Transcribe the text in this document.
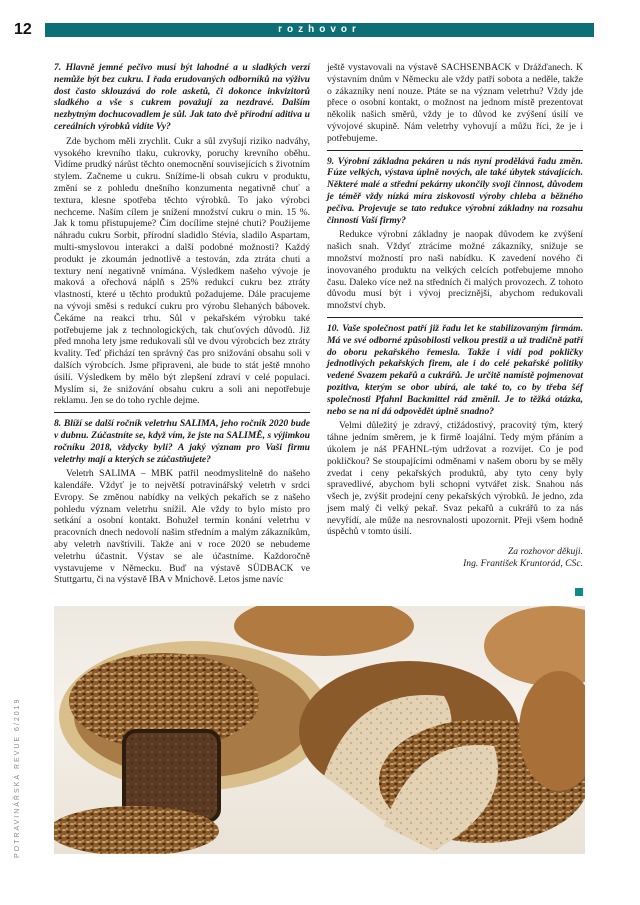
12	rozhovor
POTRAVINÁŘSKÁ REVUE 6/2019

7. Hlavně jemné pečivo musí být lahodné a u sladkých verzí nemůže být bez cukru. I řada erudovaných odborníků na výživu dost často sklouzává do role asketů, či dokonce inkvizitorů sladkého a vše s cukrem považují za nezdravé. Dalším nezbytným dochucovadlem je sůl. Jak tato dvě přírodní aditiva u cereálních výrobků vidíte Vy?

Zde bychom měli zrychlit. Cukr a sůl zvyšují riziko nadváhy, vysokého krevního tlaku, cukrovky, poruchy krevního oběhu. Vidíme prudký nárůst těchto onemocnění souvisejících s životním stylem. Začneme u cukru. Snížíme-li obsah cukru v produktu, změní se z pohledu dnešního konzumenta negativně chuť a textura, klesne spotřeba těchto výrobků. To jako výrobci nechceme. Naším cílem je snížení množství cukru o min. 15 %. Jak k tomu přistupujeme? Čím docílíme stejné chuti? Použijeme náhradu cukru Sorbit, přírodní sladidlo Stévia, sladilo Aspartam, multi-smyslovou interakci a další podobné možnosti? Každý produkt je zkoumán jednotlivě a testován, zda ztráta chuti a textury není negativně vnímána. Výsledkem našeho vývoje je maková a ořechová náplň s 25% redukcí cukru bez ztráty vlastností, které u těchto produktů požadujeme. Dále pracujeme na vývoji směsi s redukcí cukru pro výrobu šlehaných bábovek. Čekáme na reakci trhu. Sůl v pekařském výrobku také potřebujeme jak z technologických, tak chuťových důvodů. Již před mnoha lety jsme redukovali sůl ve dvou výrobcích bez ztráty kvality. Teď přichází ten správný čas pro snižování obsahu soli v dalších výrobcích. Jsme připraveni, ale bude to stát ještě mnoho úsilí. Výsledkem by mělo být zlepšení zdraví v celé populaci. Myslím si, že snižování obsahu cukru a soli ani nepotřebuje reklamu. Jen se do toho rychle dejme.

8. Blíží se další ročník veletrhu SALIMA, jeho ročník 2020 bude v dubnu. Zúčastníte se, když vím, že jste na SALIMĚ, s výjimkou ročníku 2018, vždycky byli? A jaký význam pro Vaši firmu veletrhy mají a kterých se zúčastňujete?

Veletrh SALIMA – MBK patřil neodmyslitelně do našeho kalendáře. Vždyť je to největší potravinářský veletrh v srdci Evropy. Se změnou nabídky na velkých pekařích se z našeho pohledu význam veletrhu snížil. Ale vždy to bylo místo pro setkání a osobní kontakt. Bohužel termín konání veletrhu v pracovních dnech nedovolí našim středním a malým zákazníkům, aby veletrh navštívili. Takže ani v roce 2020 se nebudeme veletrhu účastnit. Výstav se ale účastníme. Každoročně vystavujeme v Německu. Buď na výstavě SÜDBACK ve Stuttgartu, či na výstavě IBA v Mnichově. Letos jsme navíc

ještě vystavovali na výstavě SACHSENBACK v Drážďanech. K výstavním dnům v Německu ale vždy patří sobota a neděle, takže o zákazníky není nouze. Ptáte se na význam veletrhu? Vždy jde přece o osobní kontakt, o možnost na jednom místě prezentovat několik našich směrů, vždy je to důvod ke zvýšení úsilí ve vývojové skupině. Nám veletrhy vyhovují a můžu říci, že je i potřebujeme.

9. Výrobní základna pekáren u nás nyní prodělává řadu změn. Fúze velkých, výstava úplně nových, ale také úbytek stávajících. Některé malé a střední pekárny ukončily svoji činnost, důvodem je téměř vždy nízká míra ziskovosti výroby chleba a běžného pečiva. Projevuje se tato redukce výrobní základny na rozsahu činností Vaší firmy?

Redukce výrobní základny je naopak důvodem ke zvýšení našich snah. Vždyť ztrácíme možné zákazníky, snižuje se množství možností pro naši nabídku. K zavedení nového či inovovaného produktu na velkých celcích potřebujeme mnoho času. Daleko více než na středních či malých provozech. Z tohoto důvodu musí být i vývoj preciznější, abychom redukovali množství chyb.

10. Vaše společnost patří již řadu let ke stabilizovaným firmám. Má ve své odborné způsobilosti velkou prestiž a už tradičně patří do oboru pekařského řemesla. Takže i vidí pod pokličky jednotlivých pekařských firem, ale i do celé pekařské politiky vedené Svazem pekařů a cukrářů. Je určitě namístě pojmenovat pozitiva, kterým se obor ubírá, ale také to, co by třeba šéf společnosti Pfahnl Backmittel rád změnil. Je to těžká otázka, nebo se na ni dá odpovědět úplně snadno?

Velmi důležitý je zdravý, ctižádostivý, pracovitý tým, který táhne jedním směrem, je k firmě loajální. Tedy mým přáním a úkolem je náš PFAHNL-tým udržovat a rozvíjet. Co je pod pokličkou? Se stoupajícími odměnami v našem oboru by se měly zvedat i ceny pekařských produktů, aby tyto ceny byly spravedlivé, abychom byli schopni vytvářet zisk. Snahou nás všech je, zvýšit prodejní ceny pekařských výrobků. Je jedno, zda jsem malý či velký pekař. Svaz pekařů a cukrářů to za nás nevyřídí, ale může na nesrovnalosti upozornit. Přeji všem hodně úspěchů v tomto úsilí.

Za rozhovor děkuji.
Ing. František Kruntorád, CSc.
